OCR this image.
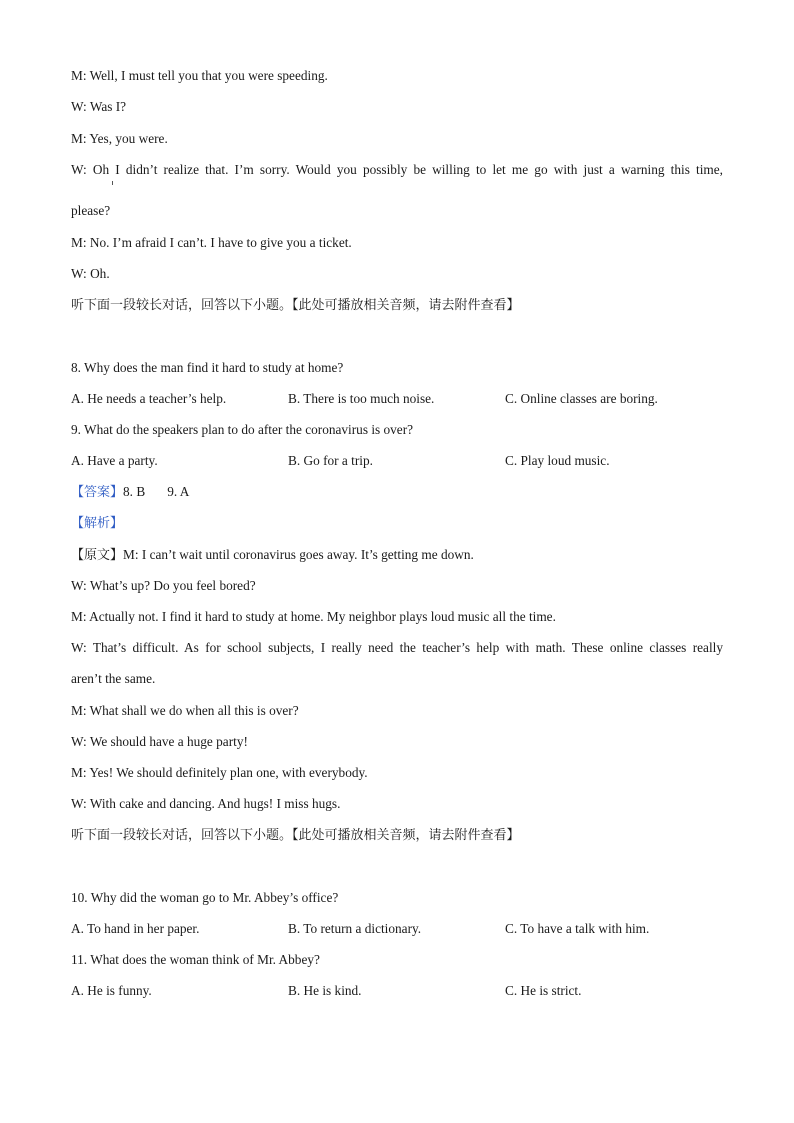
M: Well, I must tell you that you were speeding.
W: Was I?
M: Yes, you were.
W: Oh I didn’t realize that. I’m sorry. Would you possibly be willing to let me go with just a warning this time,
please?
M: No. I’m afraid I can’t. I have to give you a ticket.
W: Oh.
听下面一段较长对话，回答以下小题。【此处可播放相关音频，请去附件查看】
8. Why does the man find it hard to study at home?
A. He needs a teacher’s help.	B. There is too much noise.	C. Online classes are boring.
9. What do the speakers plan to do after the coronavirus is over?
A. Have a party.	B. Go for a trip.	C. Play loud music.
【答案】8. B 9. A
【解析】
【原文】M: I can’t wait until coronavirus goes away. It’s getting me down.
W: What’s up? Do you feel bored?
M: Actually not. I find it hard to study at home. My neighbor plays loud music all the time.
W: That’s difficult. As for school subjects, I really need the teacher’s help with math. These online classes really
aren’t the same.
M: What shall we do when all this is over?
W: We should have a huge party!
M: Yes! We should definitely plan one, with everybody.
W: With cake and dancing. And hugs! I miss hugs.
听下面一段较长对话，回答以下小题。【此处可播放相关音频，请去附件查看】
10. Why did the woman go to Mr. Abbey’s office?
A. To hand in her paper.	B. To return a dictionary.	C. To have a talk with him.
11. What does the woman think of Mr. Abbey?
A. He is funny.	B. He is kind.	C. He is strict.
